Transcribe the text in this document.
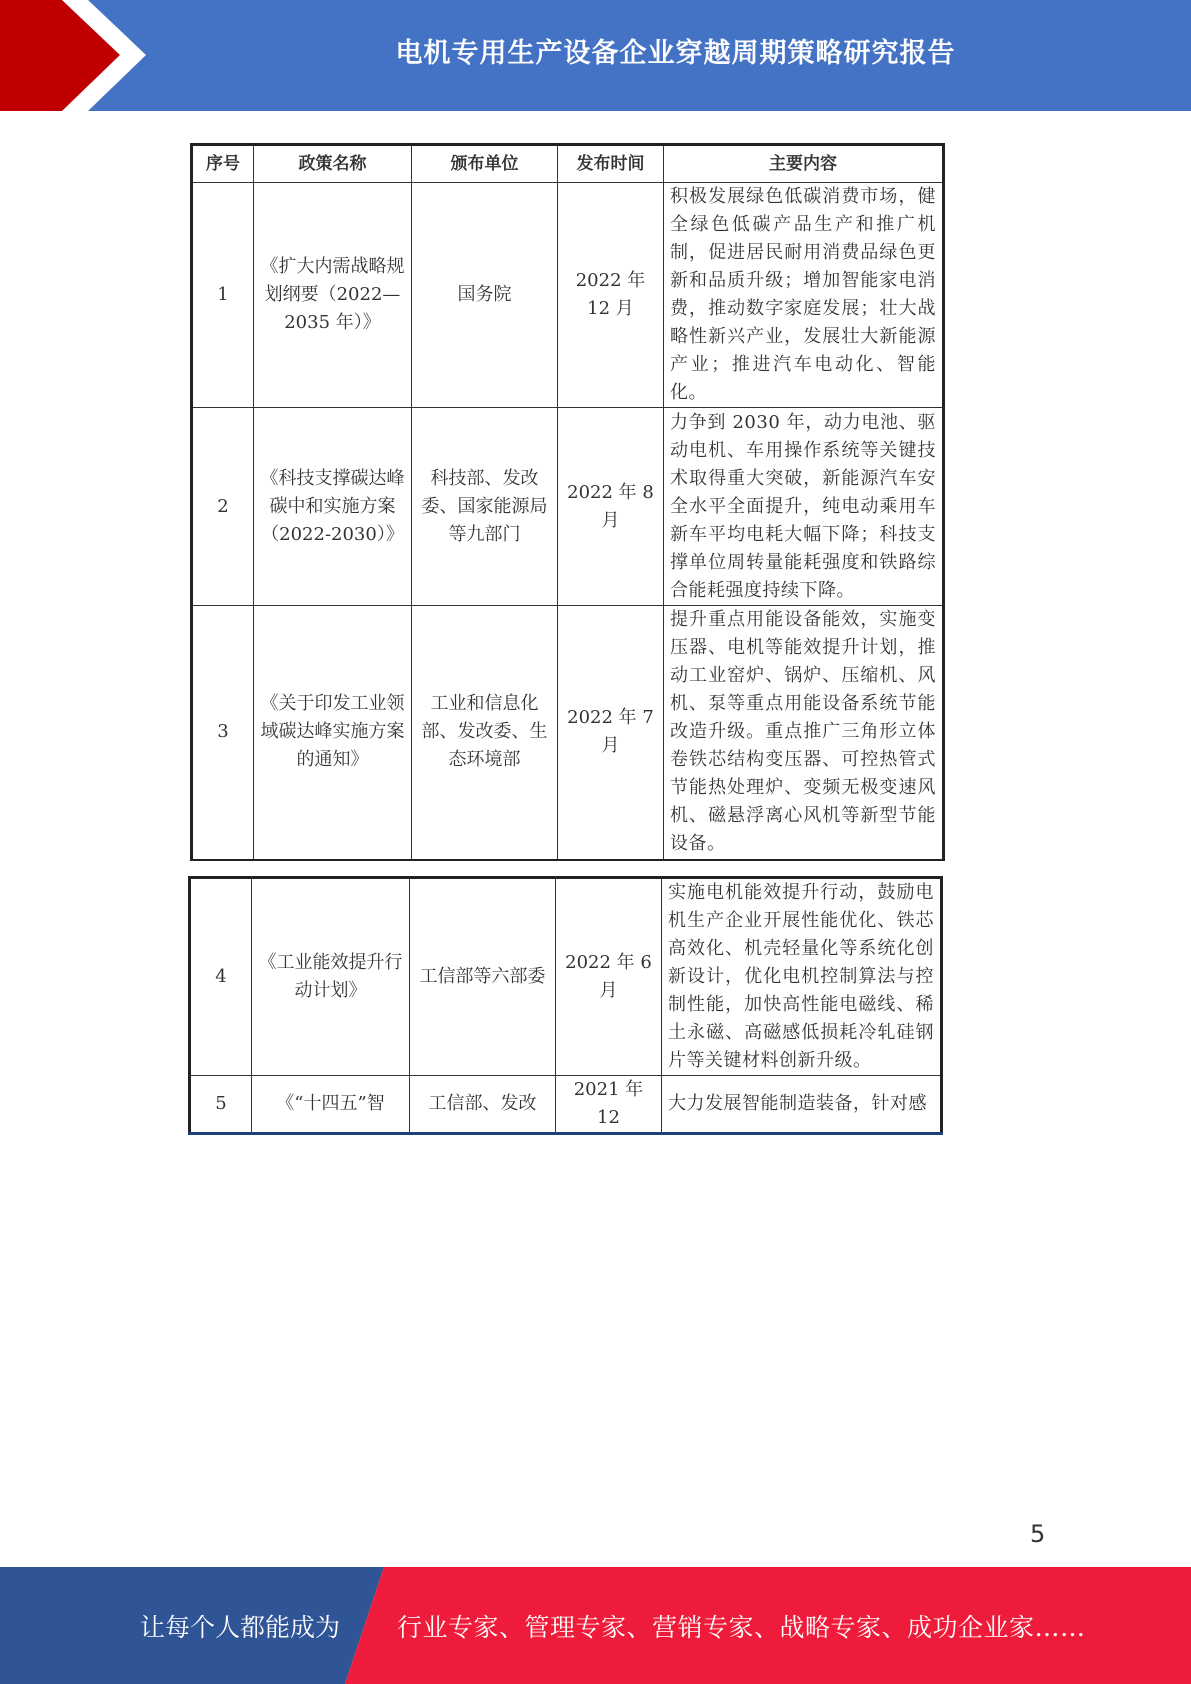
电机专用生产设备企业穿越周期策略研究报告
序号	政策名称	颁布单位	发布时间	主要内容
1	《扩大内需战略规划纲要（2022—2035 年）》	国务院	2022 年 12 月	积极发展绿色低碳消费市场，健全绿色低碳产品生产和推广机制，促进居民耐用消费品绿色更新和品质升级；增加智能家电消费，推动数字家庭发展；壮大战略性新兴产业，发展壮大新能源产业；推进汽车电动化、智能化。
2	《科技支撑碳达峰碳中和实施方案（2022-2030）》	科技部、发改委、国家能源局等九部门	2022 年 8 月	力争到 2030 年，动力电池、驱动电机、车用操作系统等关键技术取得重大突破，新能源汽车安全水平全面提升，纯电动乘用车新车平均电耗大幅下降；科技支撑单位周转量能耗强度和铁路综合能耗强度持续下降。
3	《关于印发工业领域碳达峰实施方案的通知》	工业和信息化部、发改委、生态环境部	2022 年 7 月	提升重点用能设备能效，实施变压器、电机等能效提升计划，推动工业窑炉、锅炉、压缩机、风机、泵等重点用能设备系统节能改造升级。重点推广三角形立体卷铁芯结构变压器、可控热管式节能热处理炉、变频无极变速风机、磁悬浮离心风机等新型节能设备。
4	《工业能效提升行动计划》	工信部等六部委	2022 年 6 月	实施电机能效提升行动，鼓励电机生产企业开展性能优化、铁芯高效化、机壳轻量化等系统化创新设计，优化电机控制算法与控制性能，加快高性能电磁线、稀土永磁、高磁感低损耗冷轧硅钢片等关键材料创新升级。
5	《“十四五”智	工信部、发改	2021 年 12	大力发展智能制造装备，针对感
5
让每个人都能成为 行业专家、管理专家、营销专家、战略专家、成功企业家……
